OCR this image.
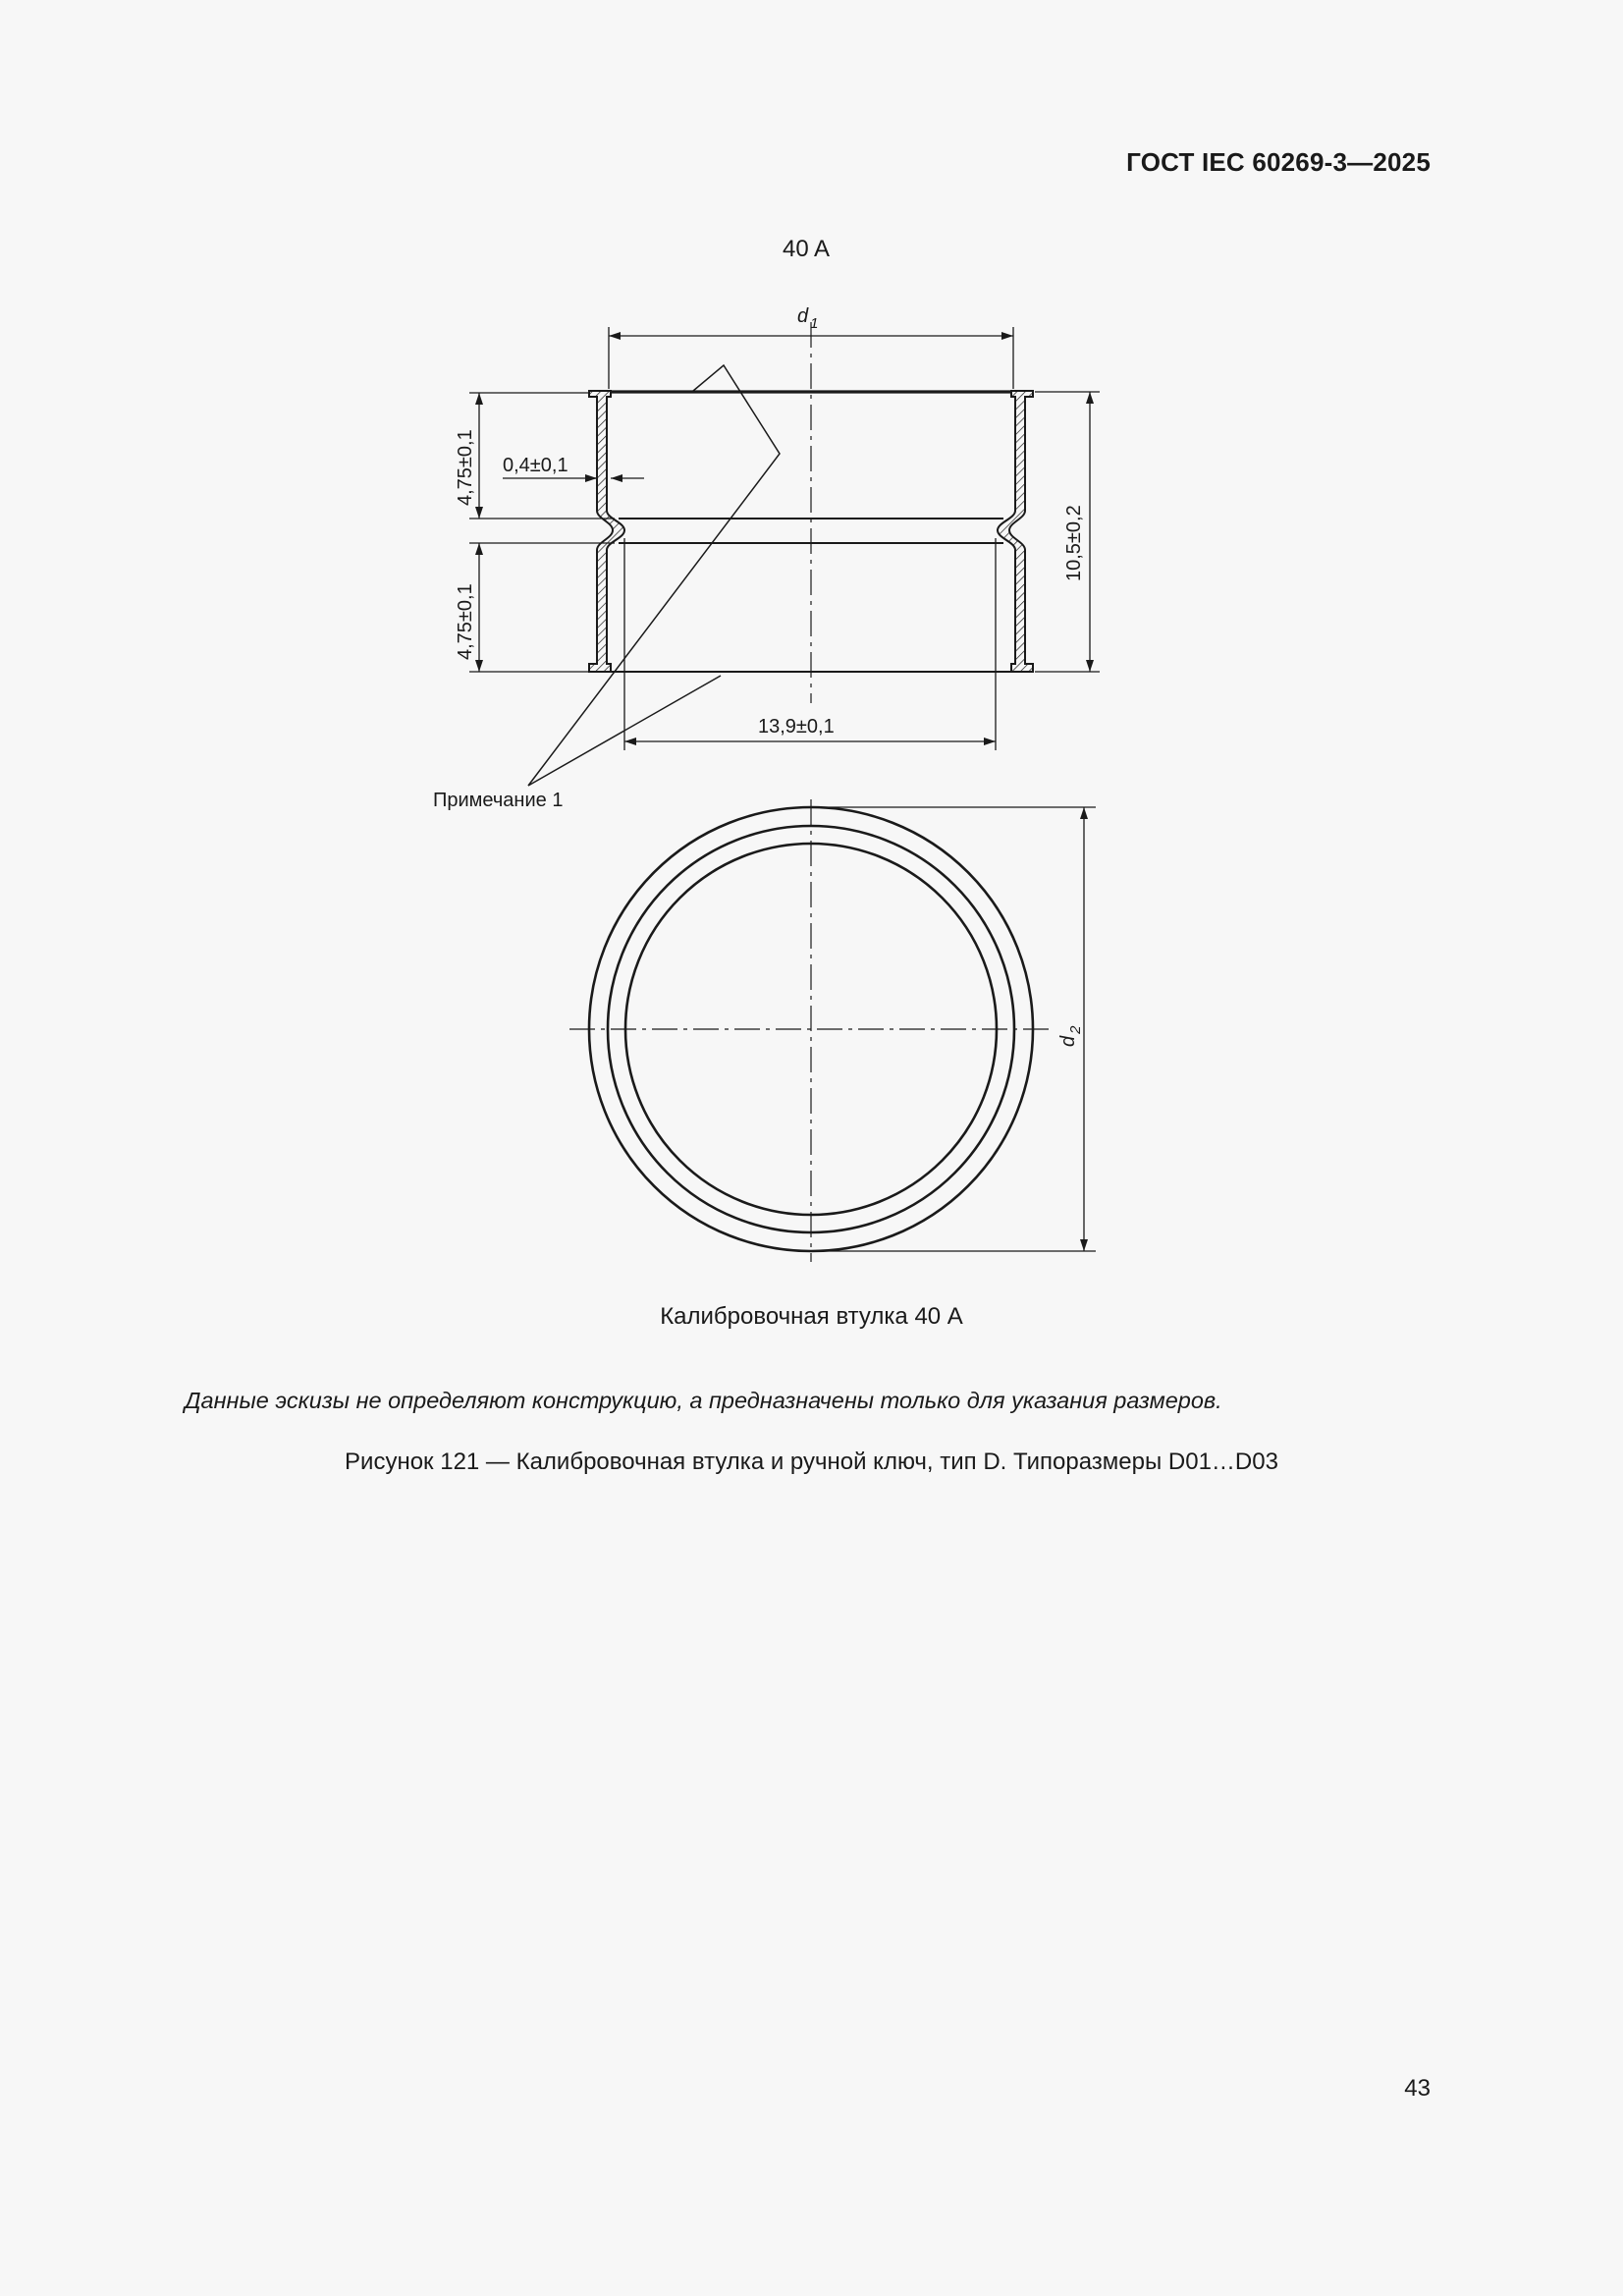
ГОСТ IEC 60269-3—2025
40 A
d $_1$
4,75±0,1
4,75±0,1
0,4±0,1
10,5±0,2
13,9±0,1
Примечание 1
$d_2$
Калибровочная втулка 40 A
Данные эскизы не определяют конструкцию, а предназначены только для указания размеров.
Рисунок 121 — Калибровочная втулка и ручной ключ, тип D. Типоразмеры D01…D03
43
